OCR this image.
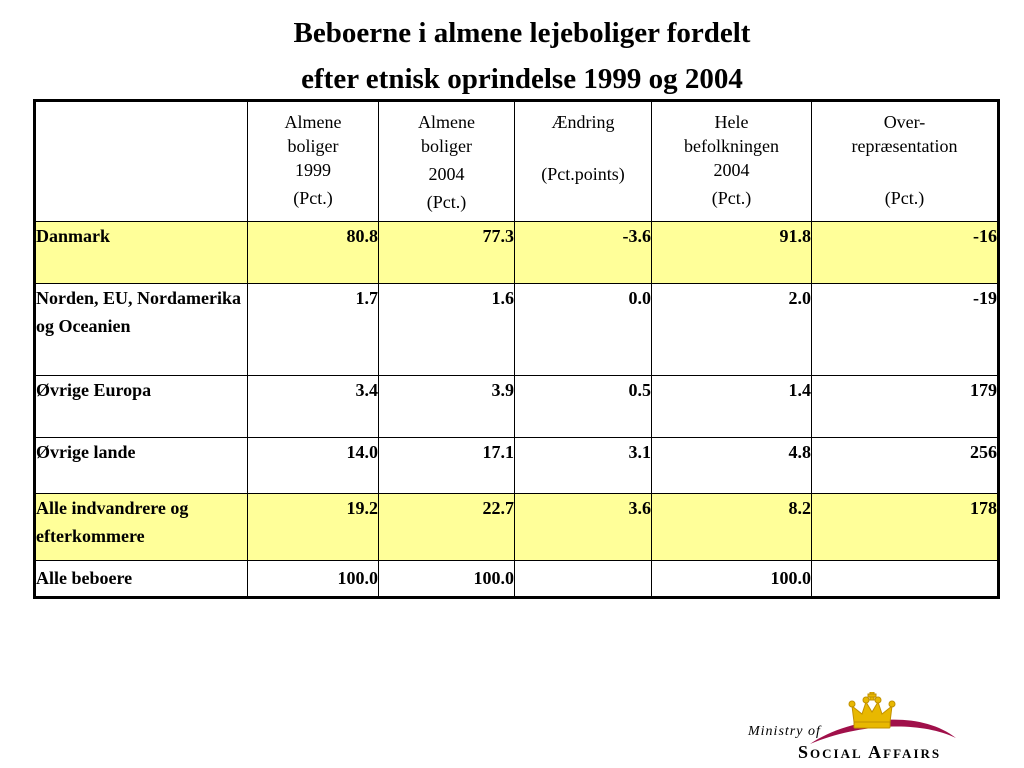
Beboerne i almene lejeboliger fordelt
efter etnisk oprindelse 1999 og 2004

	Almene
boliger
1999
(Pct.)	Almene
boliger
2004
(Pct.)	Ændring
(Pct.points)	Hele
befolkningen
2004
(Pct.)	Over-
repræsentation
(Pct.)

Danmark	80.8	77.3	-3.6	91.8	-16
Norden, EU, Nordamerika og Oceanien	1.7	1.6	0.0	2.0	-19
Øvrige Europa	3.4	3.9	0.5	1.4	179
Øvrige lande	14.0	17.1	3.1	4.8	256
Alle indvandrere og efterkommere	19.2	22.7	3.6	8.2	178
Alle beboere	100.0	100.0		100.0	
Ministry of
Social Affairs
